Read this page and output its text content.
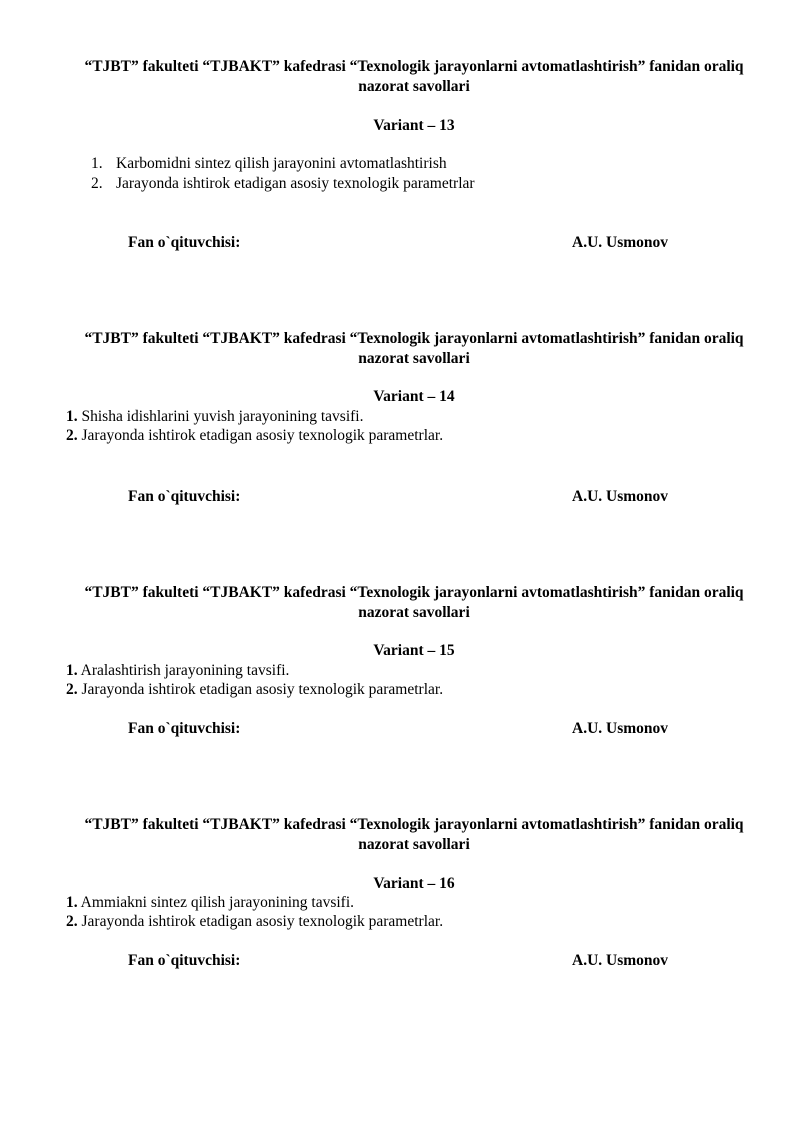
“TJBT” fakulteti “TJBAKT” kafedrasi “Texnologik jarayonlarni avtomatlashtirish” fanidan oraliq nazorat savollari
Variant – 13
1. Karbomidni sintez qilish jarayonini avtomatlashtirish
2. Jarayonda ishtirok etadigan asosiy texnologik parametrlar
Fan o`qituvchisi:	A.U. Usmonov
“TJBT” fakulteti “TJBAKT” kafedrasi “Texnologik jarayonlarni avtomatlashtirish” fanidan oraliq nazorat savollari
Variant – 14
1. Shisha idishlarini yuvish jarayonining tavsifi.
2. Jarayonda ishtirok etadigan asosiy texnologik parametrlar.
Fan o`qituvchisi:	A.U. Usmonov
“TJBT” fakulteti “TJBAKT” kafedrasi “Texnologik jarayonlarni avtomatlashtirish” fanidan oraliq nazorat savollari
Variant – 15
1. Aralashtirish jarayonining tavsifi.
2. Jarayonda ishtirok etadigan asosiy texnologik parametrlar.
Fan o`qituvchisi:	A.U. Usmonov
“TJBT” fakulteti “TJBAKT” kafedrasi “Texnologik jarayonlarni avtomatlashtirish” fanidan oraliq nazorat savollari
Variant – 16
1. Ammiakni sintez qilish jarayonining tavsifi.
2. Jarayonda ishtirok etadigan asosiy texnologik parametrlar.
Fan o`qituvchisi:	A.U. Usmonov
